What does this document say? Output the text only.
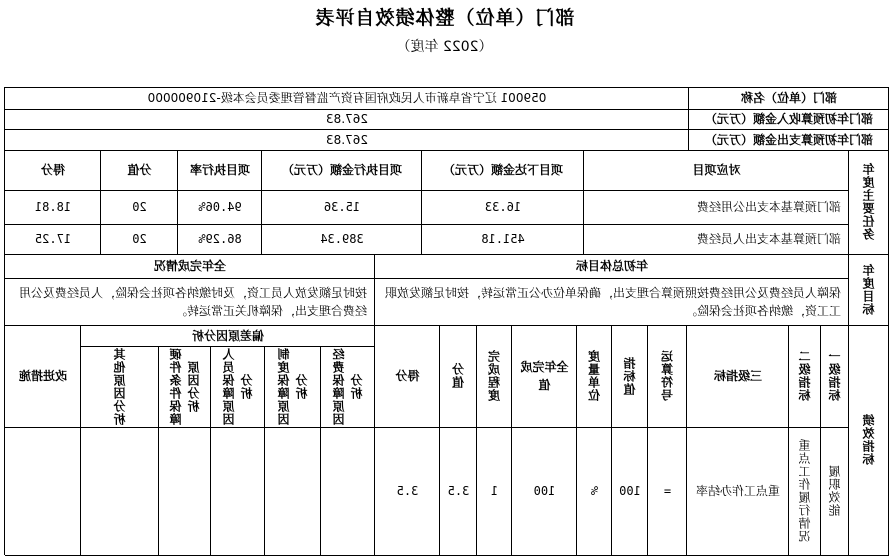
部门（单位）整体绩效自评表
（2022 年度）
部门（单位）名称
059001 辽宁省阜新市人民政府国有资产监督管理委员会本级-210900000
部门年初预算收入金额（万元）
267.83
部门年初预算支出金额（万元）
267.83
年度主要任务
对应项目
项目下达金额（万元）
项目执行金额（万元）
项目执行率
分值
得分
部门预算基本支出公用经费
16.33
15.36
94.06%
20
18.81
部门预算基本支出人员经费
451.18
389.34
86.29%
20
17.25
年度目标
年初总体目标
全年完成情况
保障人员经费及公用经费按照预算合理支出，确保单位办公正常运转，按时足额发放职工工资，缴纳各项社会保险。
按时足额发放人员工资，及时缴纳各项社会保险，人员经费及公用经费合理支出，保障机关正常运转。
绩效指标
一级指标
二级指标
三级指标
运算符号
指标值
度量单位
全年完成值
完成程度
分值
得分
偏差原因分析
经费保障原因分析
制度保障原因分析
人员保障原因分析
硬件条件保障原因分析
其他原因分析
改进措施
履职效能
重点工作履行情况
重点工作办结率
=
100
%
100
1
3.5
3.5
